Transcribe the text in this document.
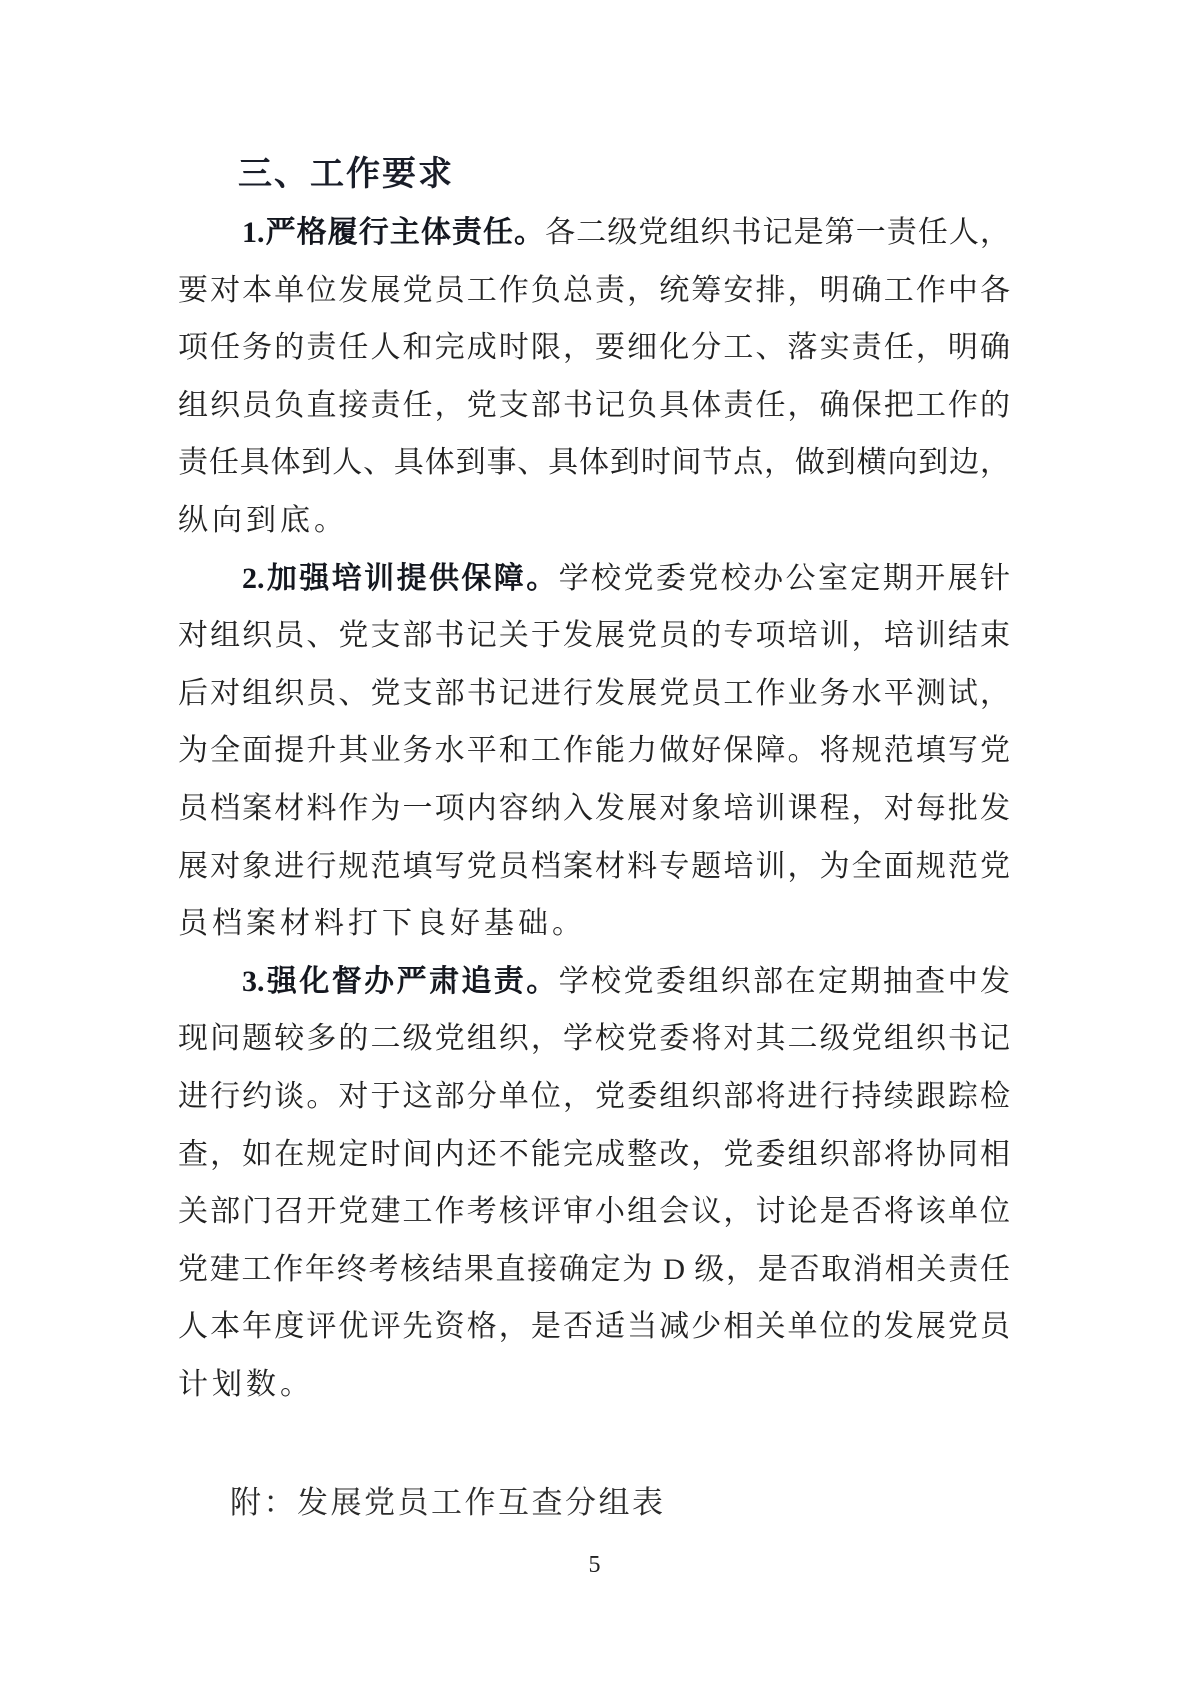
三、工作要求
1.严格履行主体责任。各二级党组织书记是第一责任人，
要对本单位发展党员工作负总责，统筹安排，明确工作中各
项任务的责任人和完成时限，要细化分工、落实责任，明确
组织员负直接责任，党支部书记负具体责任，确保把工作的
责任具体到人、具体到事、具体到时间节点，做到横向到边，
纵向到底。
2.加强培训提供保障。学校党委党校办公室定期开展针
对组织员、党支部书记关于发展党员的专项培训，培训结束
后对组织员、党支部书记进行发展党员工作业务水平测试，
为全面提升其业务水平和工作能力做好保障。将规范填写党
员档案材料作为一项内容纳入发展对象培训课程，对每批发
展对象进行规范填写党员档案材料专题培训，为全面规范党
员档案材料打下良好基础。
3.强化督办严肃追责。学校党委组织部在定期抽查中发
现问题较多的二级党组织，学校党委将对其二级党组织书记
进行约谈。对于这部分单位，党委组织部将进行持续跟踪检
查，如在规定时间内还不能完成整改，党委组织部将协同相
关部门召开党建工作考核评审小组会议，讨论是否将该单位
党建工作年终考核结果直接确定为 D 级，是否取消相关责任
人本年度评优评先资格，是否适当减少相关单位的发展党员
计划数。
附：发展党员工作互查分组表
5
